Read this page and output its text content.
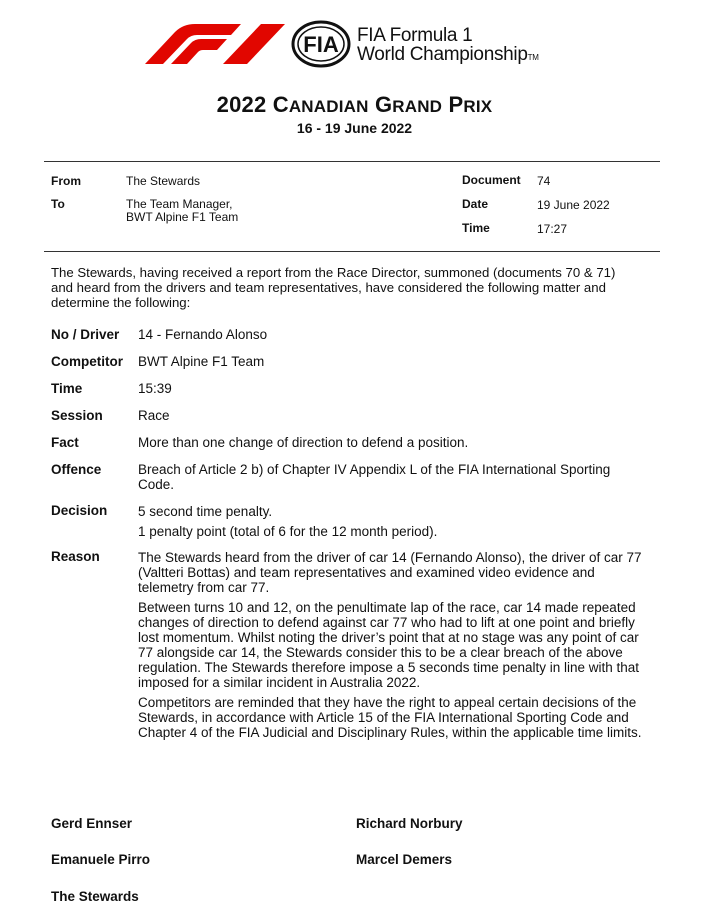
FIA FIA Formula 1
World ChampionshipTM
2022 CANADIAN GRAND PRIX
16 - 19 June 2022
From	The Stewards
To	The Team Manager,
BWT Alpine F1 Team
Document 74
Date	19 June 2022
Time	17:27
The Stewards, having received a report from the Race Director, summoned (documents 70 & 71) and heard from the drivers and team representatives, have considered the following matter and determine the following:
No / Driver 14 - Fernando Alonso
Competitor BWT Alpine F1 Team
Time	15:39
Session	Race
Fact	More than one change of direction to defend a position.
Offence	Breach of Article 2 b) of Chapter IV Appendix L of the FIA International Sporting Code.
Decision 5 second time penalty.

1 penalty point (total of 6 for the 12 month period).

Reason	The Stewards heard from the driver of car 14 (Fernando Alonso), the driver of car 77 (Valtteri Bottas) and team representatives and examined video evidence and telemetry from car 77.

Between turns 10 and 12, on the penultimate lap of the race, car 14 made repeated changes of direction to defend against car 77 who had to lift at one point and briefly lost momentum. Whilst noting the driver’s point that at no stage was any point of car 77 alongside car 14, the Stewards consider this to be a clear breach of the above regulation. The Stewards therefore impose a 5 seconds time penalty in line with that imposed for a similar incident in Australia 2022.

Competitors are reminded that they have the right to appeal certain decisions of the Stewards, in accordance with Article 15 of the FIA International Sporting Code and Chapter 4 of the FIA Judicial and Disciplinary Rules, within the applicable time limits.

Gerd Ennser	Richard Norbury
Emanuele Pirro	Marcel Demers
The Stewards
